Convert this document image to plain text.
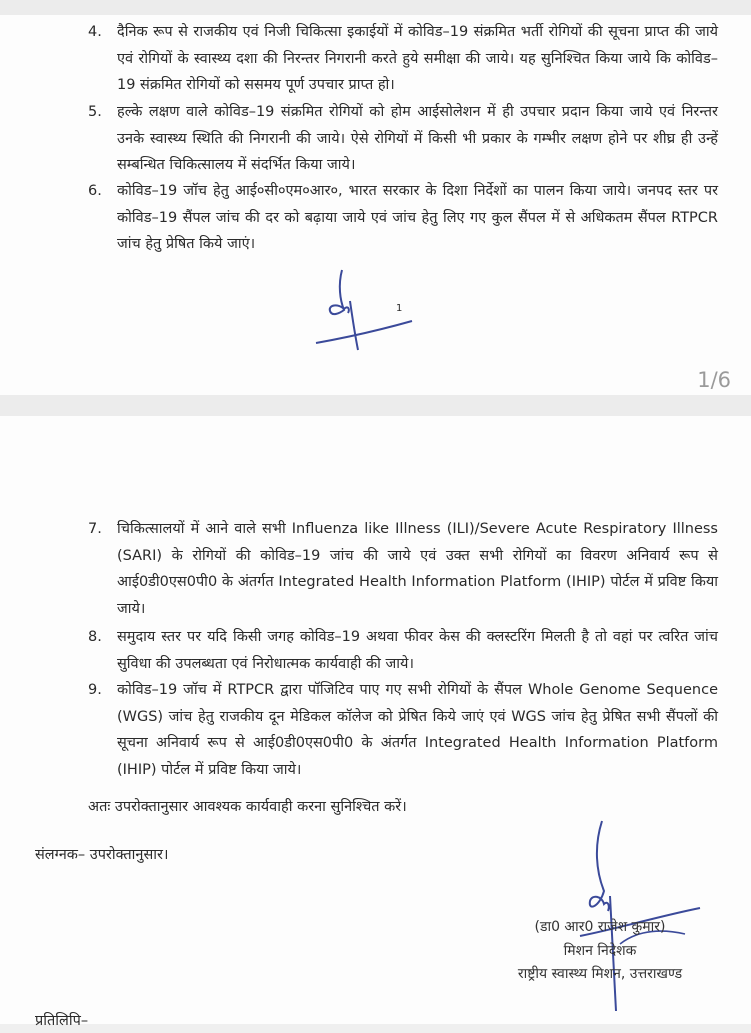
4.	दैनिक रूप से राजकीय एवं निजी चिकित्सा इकाईयों में कोविड–19 संक्रमित भर्ती रोगियों की सूचना प्राप्त की जाये एवं रोगियों के स्वास्थ्य दशा की निरन्तर निगरानी करते हुये समीक्षा की जाये। यह सुनिश्चित किया जाये कि कोविड–19 संक्रमित रोगियों को ससमय पूर्ण उपचार प्राप्त हो।
5.	हल्के लक्षण वाले कोविड–19 संक्रमित रोगियों को होम आईसोलेशन में ही उपचार प्रदान किया जाये एवं निरन्तर उनके स्वास्थ्य स्थिति की निगरानी की जाये। ऐसे रोगियों में किसी भी प्रकार के गम्भीर लक्षण होने पर शीघ्र ही उन्हें सम्बन्धित चिकित्सालय में संदर्भित किया जाये।
6.	कोविड–19 जॉच हेतु आई०सी०एम०आर०, भारत सरकार के दिशा निर्देशों का पालन किया जाये। जनपद स्तर पर कोविड–19 सैंपल जांच की दर को बढ़ाया जाये एवं जांच हेतु लिए गए कुल सैंपल में से अधिकतम सैंपल RTPCR जांच हेतु प्रेषित किये जाएं।
1
1/6
7.	चिकित्सालयों में आने वाले सभी Influenza like Illness (ILI)/Severe Acute Respiratory Illness (SARI) के रोगियों की कोविड–19 जांच की जाये एवं उक्त सभी रोगियों का विवरण अनिवार्य रूप से आई0डी0एस0पी0 के अंतर्गत Integrated Health Information Platform (IHIP) पोर्टल में प्रविष्ट किया जाये।
8.	समुदाय स्तर पर यदि किसी जगह कोविड–19 अथवा फीवर केस की क्लस्टरिंग मिलती है तो वहां पर त्वरित जांच सुविधा की उपलब्धता एवं निरोधात्मक कार्यवाही की जाये।
9.	कोविड–19 जॉच में RTPCR द्वारा पॉजिटिव पाए गए सभी रोगियों के सैंपल Whole Genome Sequence (WGS) जांच हेतु राजकीय दून मेडिकल कॉलेज को प्रेषित किये जाएं एवं WGS जांच हेतु प्रेषित सभी सैंपलों की सूचना अनिवार्य रूप से आई0डी0एस0पी0 के अंतर्गत Integrated Health Information Platform (IHIP) पोर्टल में प्रविष्ट किया जाये।
अतः उपरोक्तानुसार आवश्यक कार्यवाही करना सुनिश्चित करें।
संलग्नक– उपरोक्तानुसार।
(डा0 आर0 राजेश कुमार)
मिशन निदेशक
राष्ट्रीय स्वास्थ्य मिशन, उत्तराखण्ड
प्रतिलिपि–
